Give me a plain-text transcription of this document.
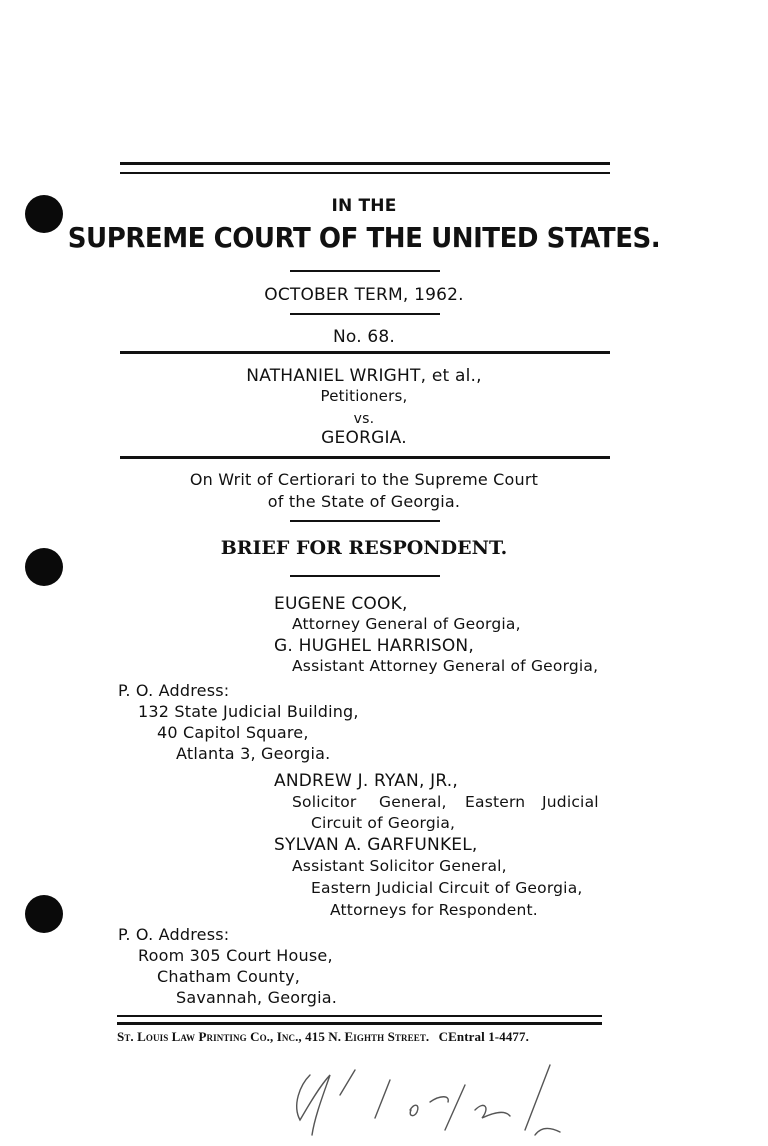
IN THE
SUPREME COURT OF THE UNITED STATES.
OCTOBER TERM, 1962.
No. 68.
NATHANIEL WRIGHT, et al.,
Petitioners,
vs.
GEORGIA.
On Writ of Certiorari to the Supreme Court
of the State of Georgia.
BRIEF FOR RESPONDENT.
EUGENE COOK,
Attorney General of Georgia,
G. HUGHEL HARRISON,
Assistant Attorney General of Georgia,
P. O. Address:
132 State Judicial Building,
40 Capitol Square,
Atlanta 3, Georgia.
ANDREW J. RYAN, JR.,
Solicitor General, Eastern Judicial
Circuit of Georgia,
SYLVAN A. GARFUNKEL,
Assistant Solicitor General,
Eastern Judicial Circuit of Georgia,
Attorneys for Respondent.
P. O. Address:
Room 305 Court House,
Chatham County,
Savannah, Georgia.
St. Louis Law Printing Co., Inc., 415 N. Eighth Street. CEntral 1-4477.
